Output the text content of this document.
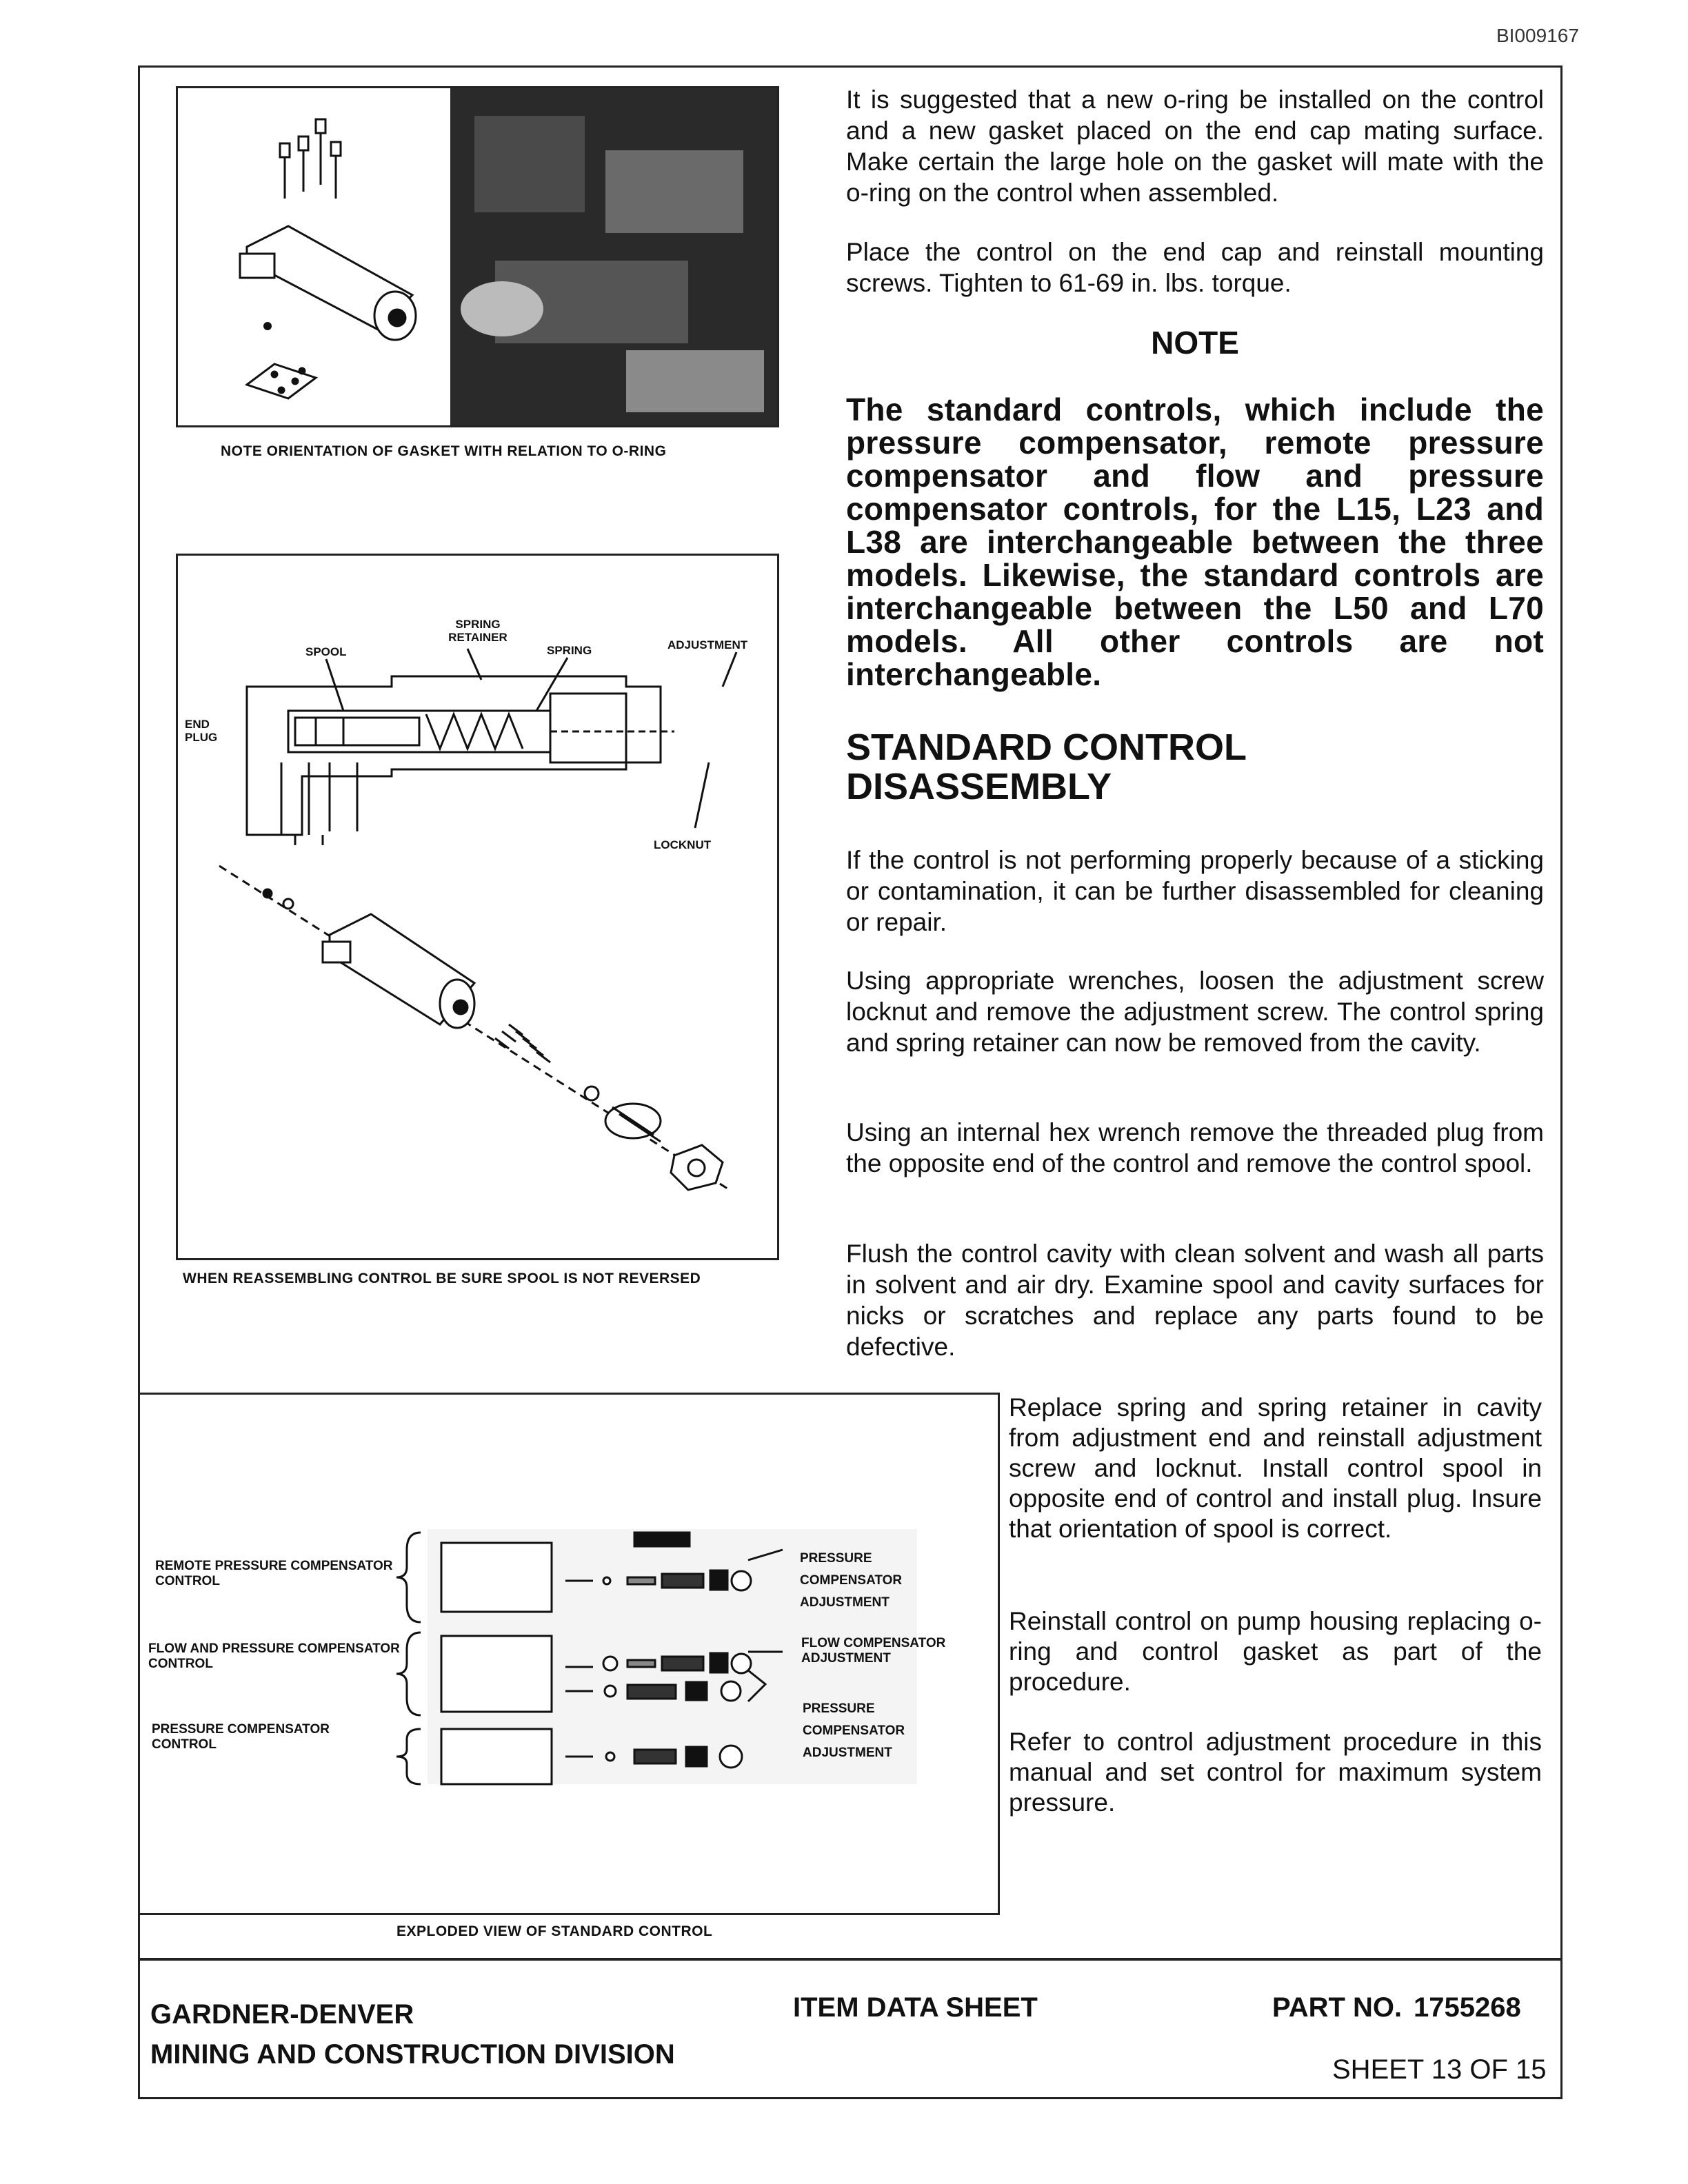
BI009167
NOTE ORIENTATION OF GASKET WITH RELATION TO O-RING
SPRING RETAINER
SPOOL	SPRING	ADJUSTMENT
END PLUG
LOCKNUT
WHEN REASSEMBLING CONTROL BE SURE SPOOL IS NOT REVERSED
It is suggested that a new o-ring be installed on the control and a new gasket placed on the end cap mating surface. Make certain the large hole on the gasket will mate with the o-ring on the control when assembled.
Place the control on the end cap and reinstall mounting screws. Tighten to 61-69 in. lbs. torque.
NOTE
The standard controls, which include the pressure compensator, remote pressure compensator and flow and pressure compensator controls, for the L15, L23 and L38 are interchangeable between the three models. Likewise, the standard controls are interchangeable between the L50 and L70 models. All other controls are not interchangeable.
STANDARD CONTROL
DISASSEMBLY
If the control is not performing properly because of a sticking or contamination, it can be further disassembled for cleaning or repair.
Using appropriate wrenches, loosen the adjustment screw locknut and remove the adjustment screw. The control spring and spring retainer can now be removed from the cavity.
Using an internal hex wrench remove the threaded plug from the opposite end of the control and remove the control spool.
Flush the control cavity with clean solvent and wash all parts in solvent and air dry. Examine spool and cavity surfaces for nicks or scratches and replace any parts found to be defective.
REMOTE PRESSURE COMPENSATOR CONTROL
FLOW AND PRESSURE COMPENSATOR CONTROL
PRESSURE COMPENSATOR CONTROL
PRESSURE COMPENSATOR ADJUSTMENT
FLOW COMPENSATOR ADJUSTMENT
PRESSURE COMPENSATOR ADJUSTMENT
EXPLODED VIEW OF STANDARD CONTROL
Replace spring and spring retainer in cavity from adjustment end and reinstall adjustment screw and locknut. Install control spool in opposite end of control and install plug. Insure that orientation of spool is correct.
Reinstall control on pump housing replacing o-ring and control gasket as part of the procedure.
Refer to control adjustment procedure in this manual and set control for maximum system pressure.
GARDNER-DENVER
MINING AND CONSTRUCTION DIVISION
ITEM DATA SHEET	PART NO. 1755268
SHEET 13 OF 15
